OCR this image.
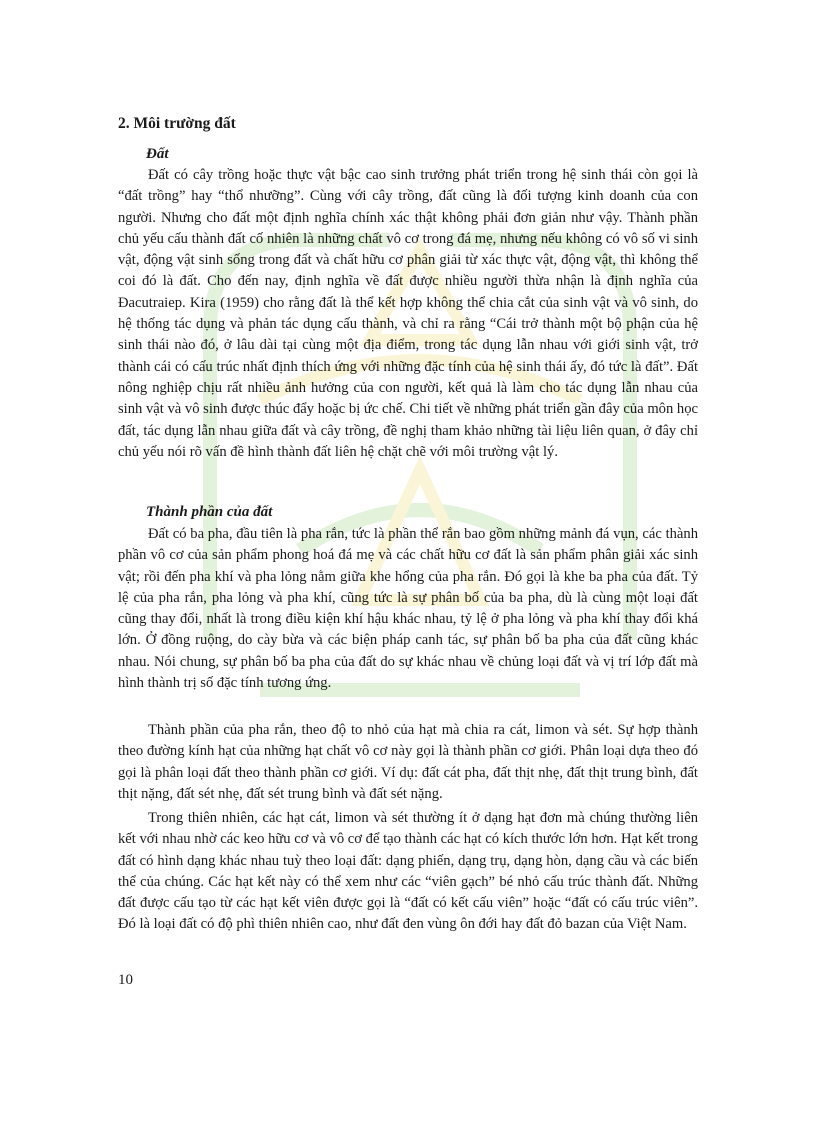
2. Môi trường đất
Đất

Đất có cây trồng hoặc thực vật bậc cao sinh trưởng phát triển trong hệ sinh thái còn gọi là “đất trồng” hay “thổ nhưỡng”. Cùng với cây trồng, đất cũng là đối tượng kinh doanh của con người. Nhưng cho đất một định nghĩa chính xác thật không phải đơn giản như vậy. Thành phần chủ yếu cấu thành đất cố nhiên là những chất vô cơ trong đá mẹ, nhưng nếu không có vô số vi sinh vật, động vật sinh sống trong đất và chất hữu cơ phân giải từ xác thực vật, động vật, thì không thể coi đó là đất. Cho đến nay, định nghĩa về đất được nhiều người thừa nhận là định nghĩa của Đacutraiep. Kira (1959) cho rằng đất là thể kết hợp không thể chia cắt của sinh vật và vô sinh, do hệ thống tác dụng và phản tác dụng cấu thành, và chỉ ra rằng “Cái trở thành một bộ phận của hệ sinh thái nào đó, ở lâu dài tại cùng một địa điểm, trong tác dụng lẫn nhau với giới sinh vật, trở thành cái có cấu trúc nhất định thích ứng với những đặc tính của hệ sinh thái ấy, đó tức là đất”. Đất nông nghiệp chịu rất nhiều ảnh hưởng của con người, kết quả là làm cho tác dụng lẫn nhau của sinh vật và vô sinh được thúc đẩy hoặc bị ức chế. Chi tiết về những phát triển gần đây của môn học đất, tác dụng lẫn nhau giữa đất và cây trồng, đề nghị tham khảo những tài liệu liên quan, ở đây chỉ chủ yếu nói rõ vấn đề hình thành đất liên hệ chặt chẽ với môi trường vật lý.

Thành phần của đất

Đất có ba pha, đầu tiên là pha rắn, tức là phần thể rắn bao gồm những mảnh đá vụn, các thành phần vô cơ của sản phẩm phong hoá đá mẹ và các chất hữu cơ đất là sản phẩm phân giải xác sinh vật; rồi đến pha khí và pha lỏng nằm giữa khe hổng của pha rắn. Đó gọi là khe ba pha của đất. Tỷ lệ của pha rắn, pha lỏng và pha khí, cũng tức là sự phân bố của ba pha, dù là cùng một loại đất cũng thay đổi, nhất là trong điều kiện khí hậu khác nhau, tỷ lệ ở pha lỏng và pha khí thay đổi khá lớn. Ở đồng ruộng, do cày bừa và các biện pháp canh tác, sự phân bố ba pha của đất cũng khác nhau. Nói chung, sự phân bố ba pha của đất do sự khác nhau về chủng loại đất và vị trí lớp đất mà hình thành trị số đặc tính tương ứng.

Thành phần của pha rắn, theo độ to nhỏ của hạt mà chia ra cát, limon và sét. Sự hợp thành theo đường kính hạt của những hạt chất vô cơ này gọi là thành phần cơ giới. Phân loại dựa theo đó gọi là phân loại đất theo thành phần cơ giới. Ví dụ: đất cát pha, đất thịt nhẹ, đất thịt trung bình, đất thịt nặng, đất sét nhẹ, đất sét trung bình và đất sét nặng.

Trong thiên nhiên, các hạt cát, limon và sét thường ít ở dạng hạt đơn mà chúng thường liên kết với nhau nhờ các keo hữu cơ và vô cơ để tạo thành các hạt có kích thước lớn hơn. Hạt kết trong đất có hình dạng khác nhau tuỳ theo loại đất: dạng phiến, dạng trụ, dạng hòn, dạng cầu và các biến thể của chúng. Các hạt kết này có thể xem như các “viên gạch” bé nhỏ cấu trúc thành đất. Những đất được cấu tạo từ các hạt kết viên được gọi là “đất có kết cấu viên” hoặc “đất có cấu trúc viên”. Đó là loại đất có độ phì thiên nhiên cao, như đất đen vùng ôn đới hay đất đỏ bazan của Việt Nam.

10
